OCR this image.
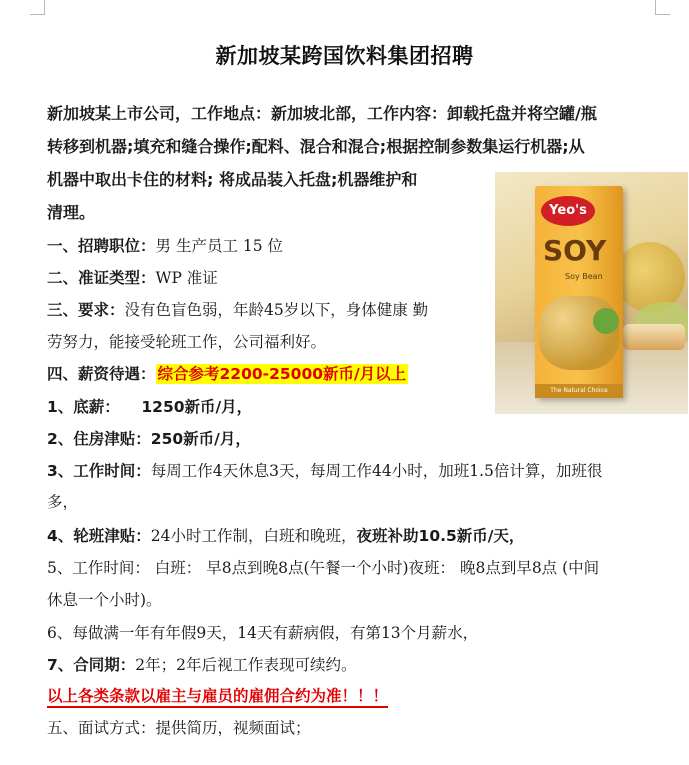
新加坡某跨国饮料集团招聘
新加坡某上市公司，工作地点：新加坡北部，工作内容：卸载托盘并将空罐/瓶
转移到机器;填充和缝合操作;配料、混合和混合;根据控制参数集运行机器;从
机器中取出卡住的材料; 将成品装入托盘;机器维护和
清理。
一、招聘职位：男 生产员工 15 位
二、准证类型：WP 准证
三、要求：没有色盲色弱，年龄45岁以下，身体健康 勤
劳努力，能接受轮班工作，公司福利好。
四、薪资待遇： 综合参考2200-25000新币/月以上
1、底薪：    1250新币/月，
2、住房津贴：250新币/月，
3、工作时间：每周工作4天休息3天，每周工作44小时，加班1.5倍计算，加班很
多，
4、轮班津贴：24小时工作制，白班和晚班，夜班补助10.5新币/天，
5、工作时间： 白班： 早8点到晚8点(午餐一个小时)夜班： 晚8点到早8点 (中间
休息一个小时)。
6、每做满一年有年假9天，14天有薪病假，有第13个月薪水，
7、合同期：2年；2年后视工作表现可续约。
以上各类条款以雇主与雇员的雇佣合约为准！！！
五、面试方式：提供简历，视频面试；
Yeo's
SOY
Soy Bean
The Natural Choice
